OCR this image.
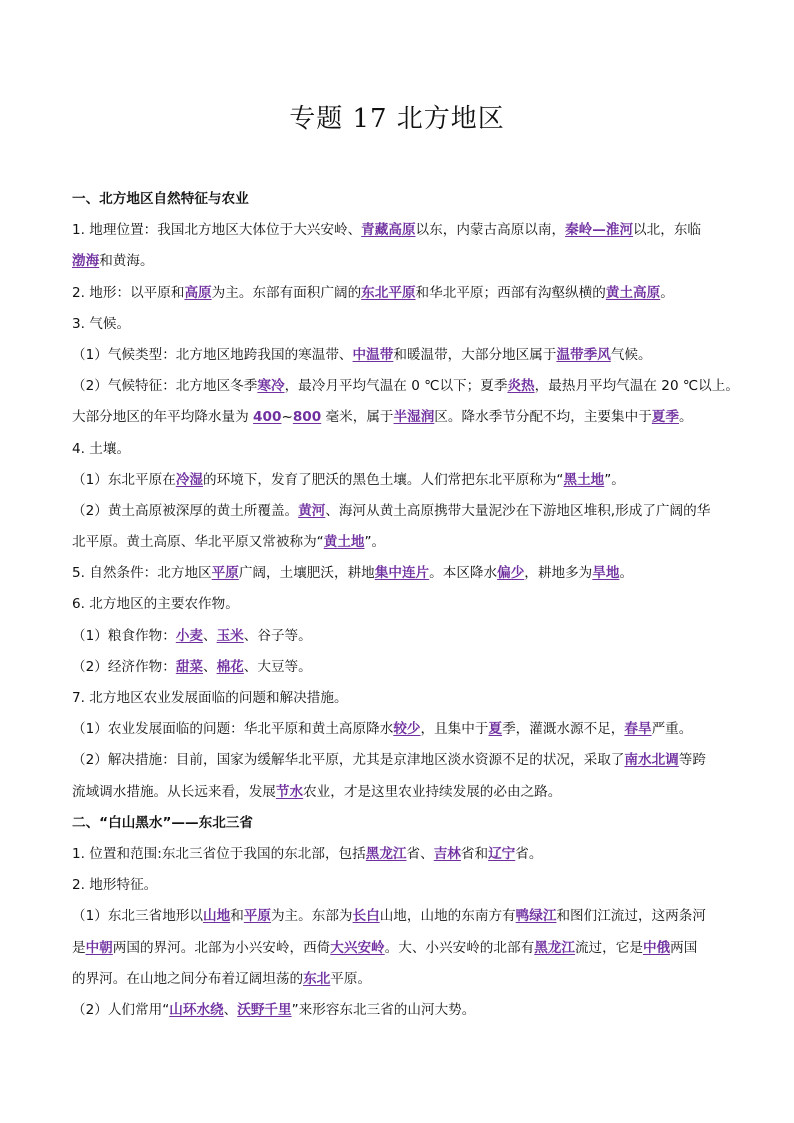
专题 17 北方地区
一、北方地区自然特征与农业
1. 地理位置：我国北方地区大体位于大兴安岭、青藏高原以东，内蒙古高原以南，秦岭—淮河以北，东临
渤海和黄海。
2. 地形：以平原和高原为主。东部有面积广阔的东北平原和华北平原；西部有沟壑纵横的黄土高原。
3. 气候。
（1）气候类型：北方地区地跨我国的寒温带、中温带和暖温带，大部分地区属于温带季风气候。
（2）气候特征：北方地区冬季寒冷，最冷月平均气温在 0 ℃以下；夏季炎热，最热月平均气温在 20 ℃以上。
大部分地区的年平均降水量为 400~800 毫米，属于半湿润区。降水季节分配不均，主要集中于夏季。
4. 土壤。
（1）东北平原在冷湿的环境下，发育了肥沃的黑色土壤。人们常把东北平原称为“黑土地”。
（2）黄土高原被深厚的黄土所覆盖。黄河、海河从黄土高原携带大量泥沙在下游地区堆积,形成了广阔的华
北平原。黄土高原、华北平原又常被称为“黄土地”。
5. 自然条件：北方地区平原广阔，土壤肥沃，耕地集中连片。本区降水偏少，耕地多为旱地。
6. 北方地区的主要农作物。
（1）粮食作物：小麦、玉米、谷子等。
（2）经济作物：甜菜、棉花、大豆等。
7. 北方地区农业发展面临的问题和解决措施。
（1）农业发展面临的问题：华北平原和黄土高原降水较少，且集中于夏季，灌溉水源不足，春旱严重。
（2）解决措施：目前，国家为缓解华北平原，尤其是京津地区淡水资源不足的状况，采取了南水北调等跨
流域调水措施。从长远来看，发展节水农业，才是这里农业持续发展的必由之路。
二、“白山黑水”——东北三省
1. 位置和范围:东北三省位于我国的东北部，包括黑龙江省、吉林省和辽宁省。
2. 地形特征。
（1）东北三省地形以山地和平原为主。东部为长白山地，山地的东南方有鸭绿江和图们江流过，这两条河
是中朝两国的界河。北部为小兴安岭，西倚大兴安岭。大、小兴安岭的北部有黑龙江流过，它是中俄两国
的界河。在山地之间分布着辽阔坦荡的东北平原。
（2）人们常用“山环水绕、沃野千里”来形容东北三省的山河大势。
